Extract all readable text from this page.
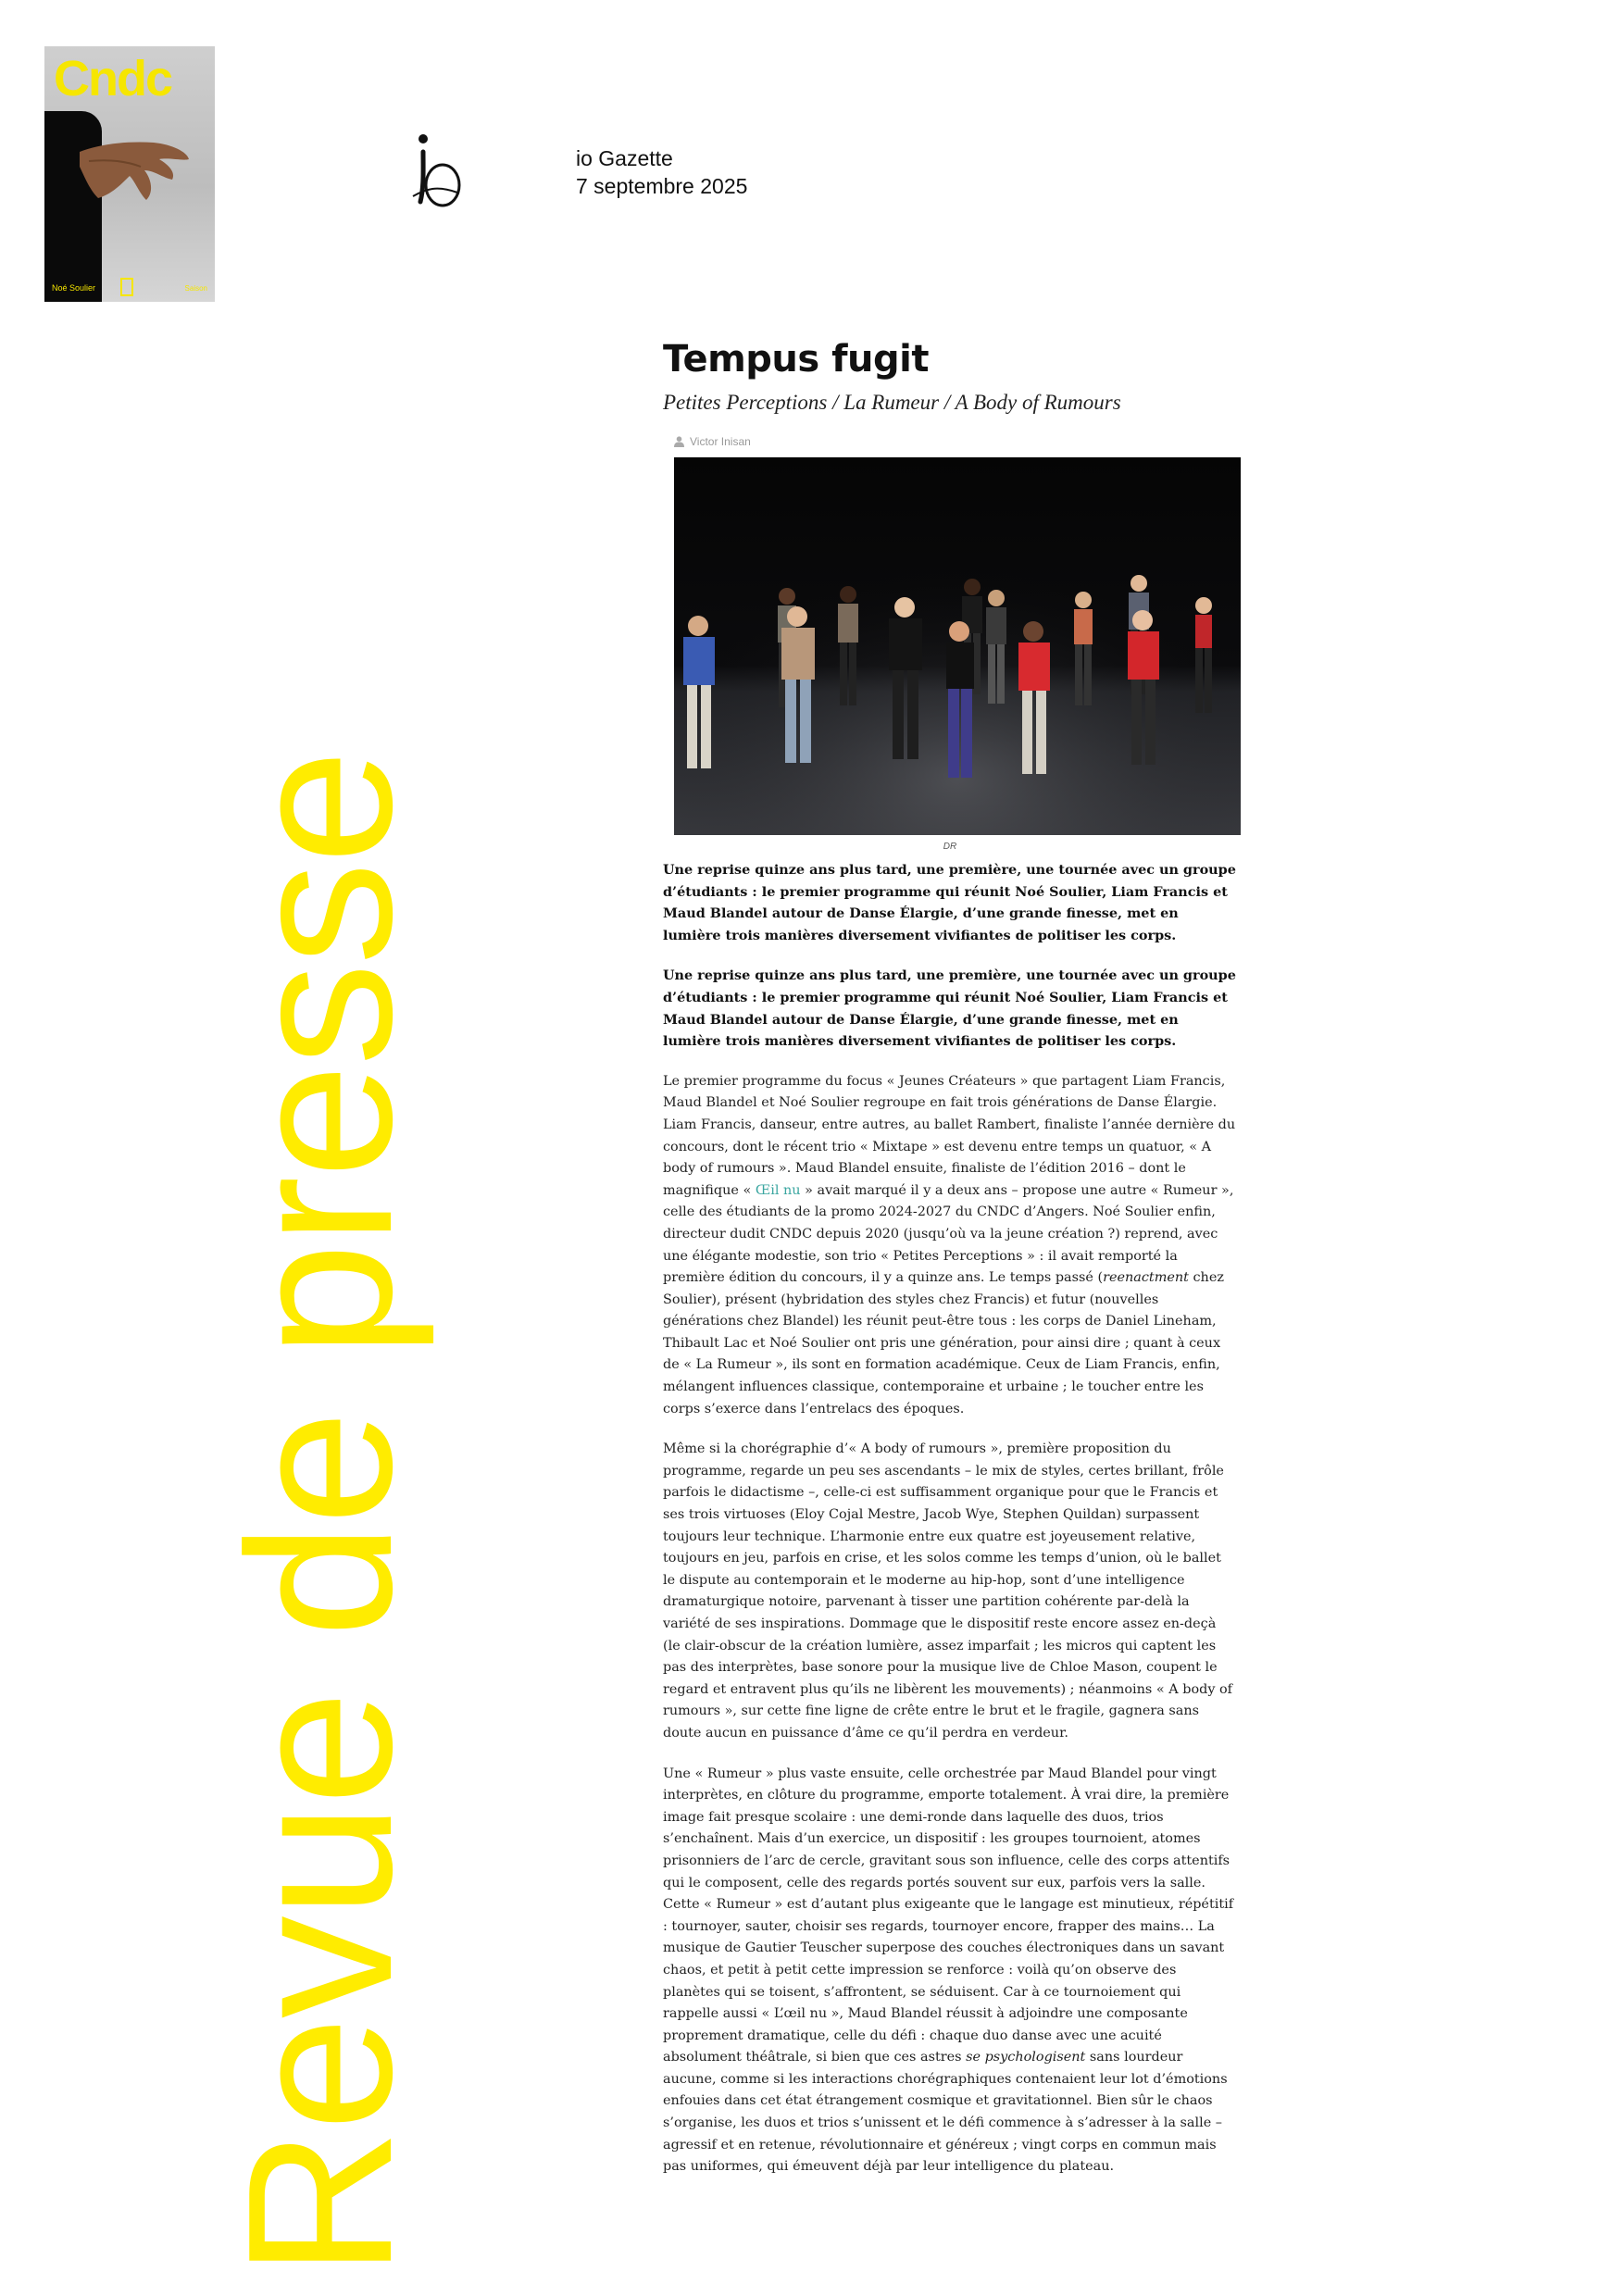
Cndc
Noé Soulier	Saison
Revue de presse
io Gazette
7 septembre 2025
Tempus fugit
Petites Perceptions / La Rumeur / A Body of Rumours
Victor Inisan
DR

Une reprise quinze ans plus tard, une première, une tournée avec un groupe d’étudiants : le premier programme qui réunit Noé Soulier, Liam Francis et Maud Blandel autour de Danse Élargie, d’une grande finesse, met en lumière trois manières diversement vivifiantes de politiser les corps.

Une reprise quinze ans plus tard, une première, une tournée avec un groupe d’étudiants : le premier programme qui réunit Noé Soulier, Liam Francis et Maud Blandel autour de Danse Élargie, d’une grande finesse, met en lumière trois manières diversement vivifiantes de politiser les corps.

Le premier programme du focus « Jeunes Créateurs » que partagent Liam Francis, Maud Blandel et Noé Soulier regroupe en fait trois générations de Danse Élargie. Liam Francis, danseur, entre autres, au ballet Rambert, finaliste l’année dernière du concours, dont le récent trio « Mixtape » est devenu entre temps un quatuor, « A body of rumours ». Maud Blandel ensuite, finaliste de l’édition 2016 – dont le magnifique « Œil nu » avait marqué il y a deux ans – propose une autre « Rumeur », celle des étudiants de la promo 2024-2027 du CNDC d’Angers. Noé Soulier enfin, directeur dudit CNDC depuis 2020 (jusqu’où va la jeune création ?) reprend, avec une élégante modestie, son trio « Petites Perceptions » : il avait remporté la première édition du concours, il y a quinze ans. Le temps passé (reenactment chez Soulier), présent (hybridation des styles chez Francis) et futur (nouvelles générations chez Blandel) les réunit peut-être tous : les corps de Daniel Lineham, Thibault Lac et Noé Soulier ont pris une génération, pour ainsi dire ; quant à ceux de « La Rumeur », ils sont en formation académique. Ceux de Liam Francis, enfin, mélangent influences classique, contemporaine et urbaine ; le toucher entre les corps s’exerce dans l’entrelacs des époques.

Même si la chorégraphie d’« A body of rumours », première proposition du programme, regarde un peu ses ascendants – le mix de styles, certes brillant, frôle parfois le didactisme –, celle-ci est suffisamment organique pour que le Francis et ses trois virtuoses (Eloy Cojal Mestre, Jacob Wye, Stephen Quildan) surpassent toujours leur technique. L’harmonie entre eux quatre est joyeusement relative, toujours en jeu, parfois en crise, et les solos comme les temps d’union, où le ballet le dispute au contemporain et le moderne au hip-hop, sont d’une intelligence dramaturgique notoire, parvenant à tisser une partition cohérente par-delà la variété de ses inspirations. Dommage que le dispositif reste encore assez en-deçà (le clair-obscur de la création lumière, assez imparfait ; les micros qui captent les pas des interprètes, base sonore pour la musique live de Chloe Mason, coupent le regard et entravent plus qu’ils ne libèrent les mouvements) ; néanmoins « A body of rumours », sur cette fine ligne de crête entre le brut et le fragile, gagnera sans doute aucun en puissance d’âme ce qu’il perdra en verdeur.

Une « Rumeur » plus vaste ensuite, celle orchestrée par Maud Blandel pour vingt interprètes, en clôture du programme, emporte totalement. À vrai dire, la première image fait presque scolaire : une demi-ronde dans laquelle des duos, trios s’enchaînent. Mais d’un exercice, un dispositif : les groupes tournoient, atomes prisonniers de l’arc de cercle, gravitant sous son influence, celle des corps attentifs qui le composent, celle des regards portés souvent sur eux, parfois vers la salle. Cette « Rumeur » est d’autant plus exigeante que le langage est minutieux, répétitif : tournoyer, sauter, choisir ses regards, tournoyer encore, frapper des mains… La musique de Gautier Teuscher superpose des couches électroniques dans un savant chaos, et petit à petit cette impression se renforce : voilà qu’on observe des planètes qui se toisent, s’affrontent, se séduisent. Car à ce tournoiement qui rappelle aussi « L’œil nu », Maud Blandel réussit à adjoindre une composante proprement dramatique, celle du défi : chaque duo danse avec une acuité absolument théâtrale, si bien que ces astres se psychologisent sans lourdeur aucune, comme si les interactions chorégraphiques contenaient leur lot d’émotions enfouies dans cet état étrangement cosmique et gravitationnel. Bien sûr le chaos s’organise, les duos et trios s’unissent et le défi commence à s’adresser à la salle – agressif et en retenue, révolutionnaire et généreux ; vingt corps en commun mais pas uniformes, qui émeuvent déjà par leur intelligence du plateau.
